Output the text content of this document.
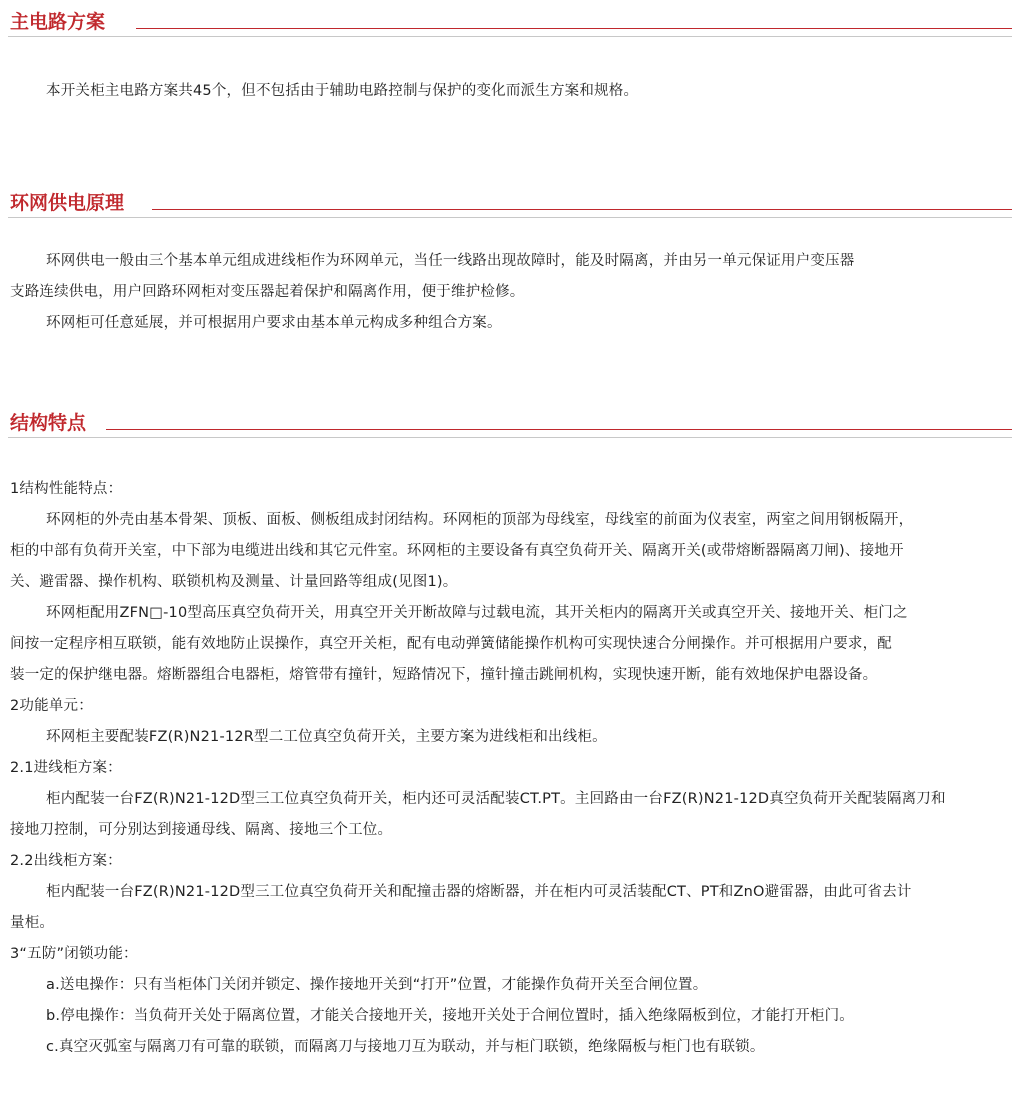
主电路方案

本开关柜主电路方案共45个，但不包括由于辅助电路控制与保护的变化而派生方案和规格。

环网供电原理
环网供电一般由三个基本单元组成进线柜作为环网单元，当任一线路出现故障时，能及时隔离，并由另一单元保证用户变压器
支路连续供电，用户回路环网柜对变压器起着保护和隔离作用，便于维护检修。
环网柜可任意延展，并可根据用户要求由基本单元构成多种组合方案。
结构特点
1结构性能特点：
环网柜的外壳由基本骨架、顶板、面板、侧板组成封闭结构。环网柜的顶部为母线室，母线室的前面为仪表室，两室之间用钢板隔开，
柜的中部有负荷开关室，中下部为电缆进出线和其它元件室。环网柜的主要设备有真空负荷开关、隔离开关(或带熔断器隔离刀闸)、接地开
关、避雷器、操作机构、联锁机构及测量、计量回路等组成(见图1)。
环网柜配用ZFN□-10型高压真空负荷开关，用真空开关开断故障与过载电流，其开关柜内的隔离开关或真空开关、接地开关、柜门之
间按一定程序相互联锁，能有效地防止误操作，真空开关柜，配有电动弹簧储能操作机构可实现快速合分闸操作。并可根据用户要求，配
装一定的保护继电器。熔断器组合电器柜，熔管带有撞针，短路情况下，撞针撞击跳闸机构，实现快速开断，能有效地保护电器设备。
2功能单元：
环网柜主要配装FZ(R)N21-12R型二工位真空负荷开关，主要方案为进线柜和出线柜。
2.1进线柜方案：
柜内配装一台FZ(R)N21-12D型三工位真空负荷开关，柜内还可灵活配装CT.PT。主回路由一台FZ(R)N21-12D真空负荷开关配装隔离刀和
接地刀控制，可分别达到接通母线、隔离、接地三个工位。
2.2出线柜方案：
柜内配装一台FZ(R)N21-12D型三工位真空负荷开关和配撞击器的熔断器，并在柜内可灵活装配CT、PT和ZnO避雷器，由此可省去计
量柜。
3“五防”闭锁功能：
a.送电操作：只有当柜体门关闭并锁定、操作接地开关到“打开”位置，才能操作负荷开关至合闸位置。
b.停电操作：当负荷开关处于隔离位置，才能关合接地开关，接地开关处于合闸位置时，插入绝缘隔板到位，才能打开柜门。
c.真空灭弧室与隔离刀有可靠的联锁，而隔离刀与接地刀互为联动，并与柜门联锁，绝缘隔板与柜门也有联锁。
